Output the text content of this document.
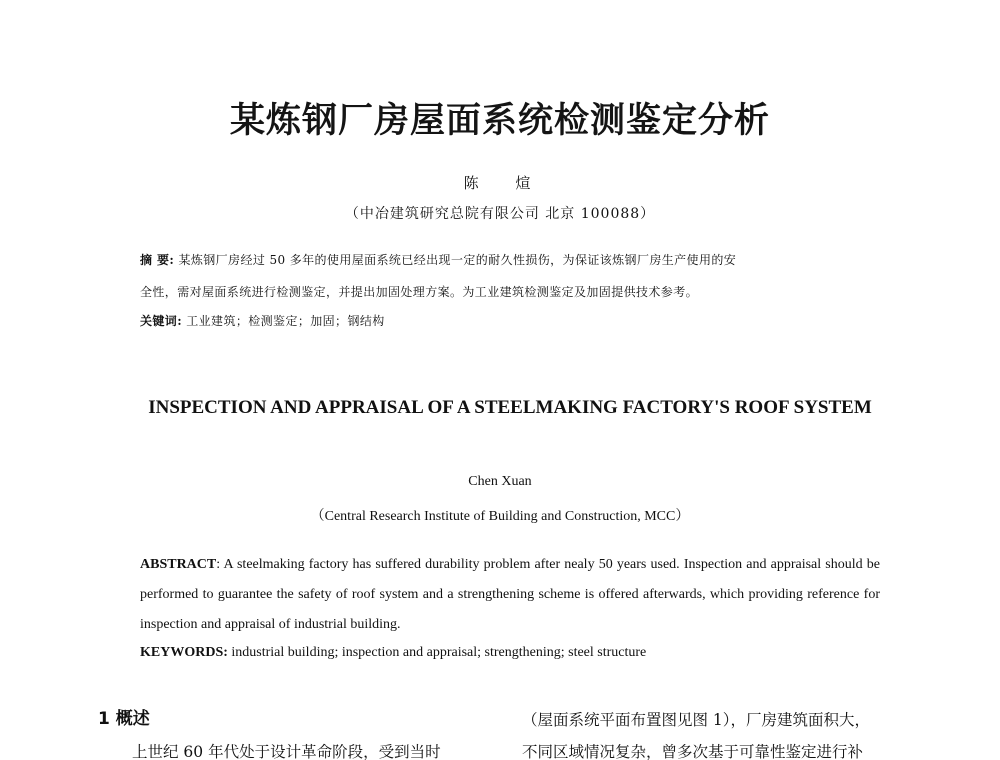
某炼钢厂房屋面系统检测鉴定分析
陈 煊
（中冶建筑研究总院有限公司 北京 100088）
摘 要: 某炼钢厂房经过 50 多年的使用屋面系统已经出现一定的耐久性损伤，为保证该炼钢厂房生产使用的安
全性，需对屋面系统进行检测鉴定，并提出加固处理方案。为工业建筑检测鉴定及加固提供技术参考。
关键词: 工业建筑；检测鉴定；加固；钢结构
INSPECTION AND APPRAISAL OF A STEELMAKING FACTORY'S ROOF SYSTEM
Chen Xuan
（Central Research Institute of Building and Construction, MCC）
ABSTRACT: A steelmaking factory has suffered durability problem after nealy 50 years used. Inspection and appraisal should be performed to guarantee the safety of roof system and a strengthening scheme is offered afterwards, which providing reference for inspection and appraisal of industrial building.
KEYWORDS: industrial building; inspection and appraisal; strengthening; steel structure
1 概述
上世纪 60 年代处于设计革命阶段，受到当时
（屋面系统平面布置图见图 1），厂房建筑面积大，
不同区域情况复杂，曾多次基于可靠性鉴定进行补
